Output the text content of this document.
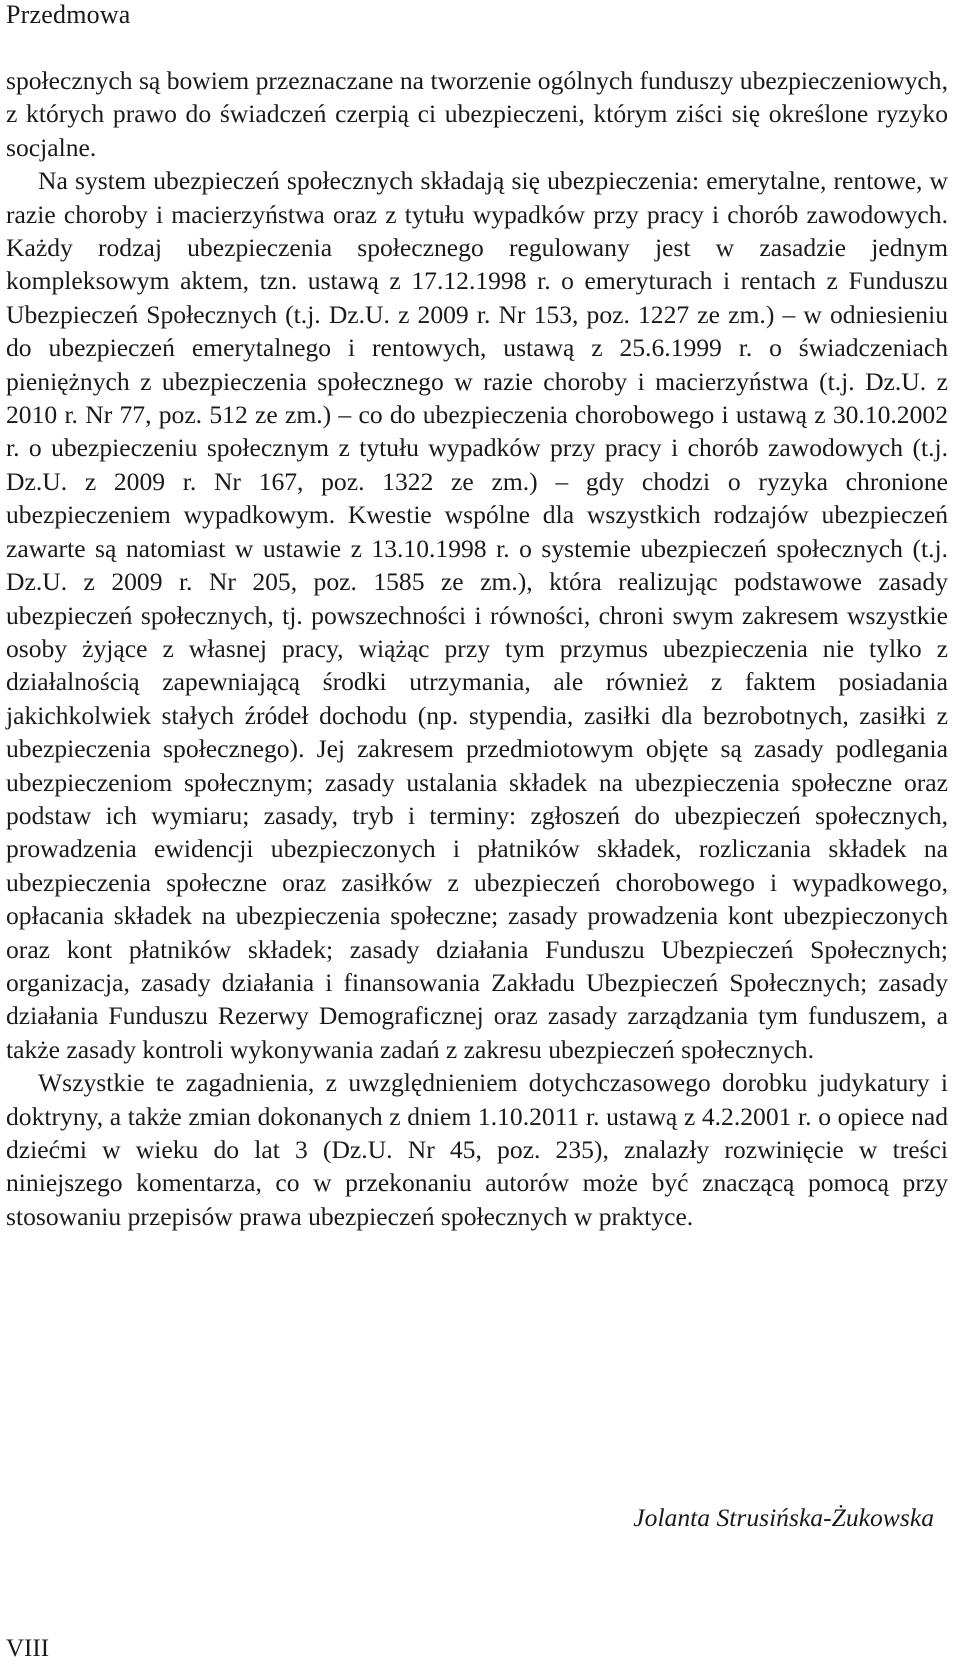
Przedmowa

społecznych są bowiem przeznaczane na tworzenie ogólnych funduszy ubezpieczeniowych, z których prawo do świadczeń czerpią ci ubezpieczeni, którym ziści się określone ryzyko socjalne.

Na system ubezpieczeń społecznych składają się ubezpieczenia: emerytalne, rentowe, w razie choroby i macierzyństwa oraz z tytułu wypadków przy pracy i chorób zawodowych. Każdy rodzaj ubezpieczenia społecznego regulowany jest w zasadzie jednym kompleksowym aktem, tzn. ustawą z 17.12.1998 r. o emeryturach i rentach z Funduszu Ubezpieczeń Społecznych (t.j. Dz.U. z 2009 r. Nr 153, poz. 1227 ze zm.) – w odniesieniu do ubezpieczeń emerytalnego i rentowych, ustawą z 25.6.1999 r. o świadczeniach pieniężnych z ubezpieczenia społecznego w razie choroby i macierzyństwa (t.j. Dz.U. z 2010 r. Nr 77, poz. 512 ze zm.) – co do ubezpieczenia chorobowego i ustawą z 30.10.2002 r. o ubezpieczeniu społecznym z tytułu wypadków przy pracy i chorób zawodowych (t.j. Dz.U. z 2009 r. Nr 167, poz. 1322 ze zm.) – gdy chodzi o ryzyka chronione ubezpieczeniem wypadkowym. Kwestie wspólne dla wszystkich rodzajów ubezpieczeń zawarte są natomiast w ustawie z 13.10.1998 r. o systemie ubezpieczeń społecznych (t.j. Dz.U. z 2009 r. Nr 205, poz. 1585 ze zm.), która realizując podstawowe zasady ubezpieczeń społecznych, tj. powszechności i równości, chroni swym zakresem wszystkie osoby żyjące z własnej pracy, wiążąc przy tym przymus ubezpieczenia nie tylko z działalnością zapewniającą środki utrzymania, ale również z faktem posiadania jakichkolwiek stałych źródeł dochodu (np. stypendia, zasiłki dla bezrobotnych, zasiłki z ubezpieczenia społecznego). Jej zakresem przedmiotowym objęte są zasady podlegania ubezpieczeniom społecznym; zasady ustalania składek na ubezpieczenia społeczne oraz podstaw ich wymiaru; zasady, tryb i terminy: zgłoszeń do ubezpieczeń społecznych, prowadzenia ewidencji ubezpieczonych i płatników składek, rozliczania składek na ubezpieczenia społeczne oraz zasiłków z ubezpieczeń chorobowego i wypadkowego, opłacania składek na ubezpieczenia społeczne; zasady prowadzenia kont ubezpieczonych oraz kont płatników składek; zasady działania Funduszu Ubezpieczeń Społecznych; organizacja, zasady działania i finansowania Zakładu Ubezpieczeń Społecznych; zasady działania Funduszu Rezerwy Demograficznej oraz zasady zarządzania tym funduszem, a także zasady kontroli wykonywania zadań z zakresu ubezpieczeń społecznych.

Wszystkie te zagadnienia, z uwzględnieniem dotychczasowego dorobku judykatury i doktryny, a także zmian dokonanych z dniem 1.10.2011 r. ustawą z 4.2.2001 r. o opiece nad dziećmi w wieku do lat 3 (Dz.U. Nr 45, poz. 235), znalazły rozwinięcie w treści niniejszego komentarza, co w przekonaniu autorów może być znaczącą pomocą przy stosowaniu przepisów prawa ubezpieczeń społecznych w praktyce.

Jolanta Strusińska-Żukowska
VIII
